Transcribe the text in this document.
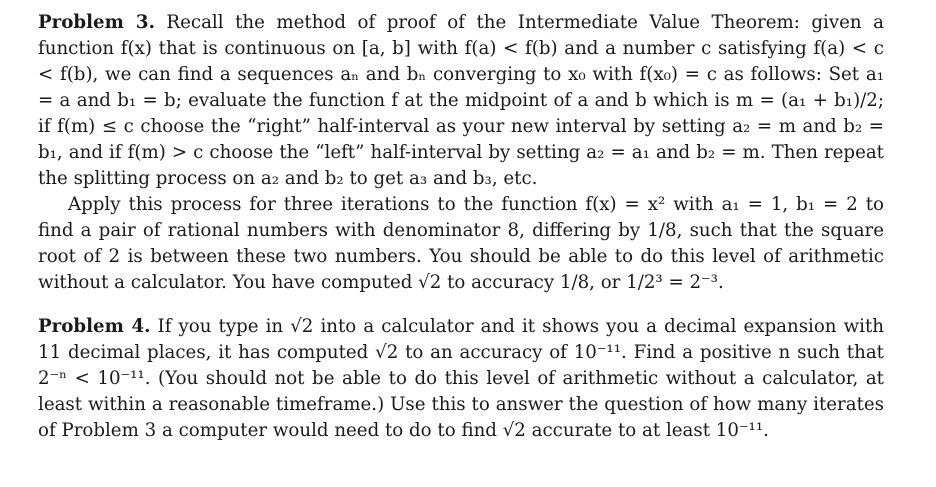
Problem 3. Recall the method of proof of the Intermediate Value Theorem: given a function f(x) that is continuous on [a, b] with f(a) < f(b) and a number c satisfying f(a) < c < f(b), we can find a sequences aₙ and bₙ converging to x₀ with f(x₀) = c as follows: Set a₁ = a and b₁ = b; evaluate the function f at the midpoint of a and b which is m = (a₁ + b₁)/2; if f(m) ≤ c choose the “right” half-interval as your new interval by setting a₂ = m and b₂ = b₁, and if f(m) > c choose the “left” half-interval by setting a₂ = a₁ and b₂ = m. Then repeat the splitting process on a₂ and b₂ to get a₃ and b₃, etc.

Apply this process for three iterations to the function f(x) = x² with a₁ = 1, b₁ = 2 to find a pair of rational numbers with denominator 8, differing by 1/8, such that the square root of 2 is between these two numbers. You should be able to do this level of arithmetic without a calculator. You have computed √2 to accuracy 1/8, or 1/2³ = 2⁻³.

Problem 4. If you type in √2 into a calculator and it shows you a decimal expansion with 11 decimal places, it has computed √2 to an accuracy of 10⁻¹¹. Find a positive n such that 2⁻ⁿ < 10⁻¹¹. (You should not be able to do this level of arithmetic without a calculator, at least within a reasonable timeframe.) Use this to answer the question of how many iterates of Problem 3 a computer would need to do to find √2 accurate to at least 10⁻¹¹.
